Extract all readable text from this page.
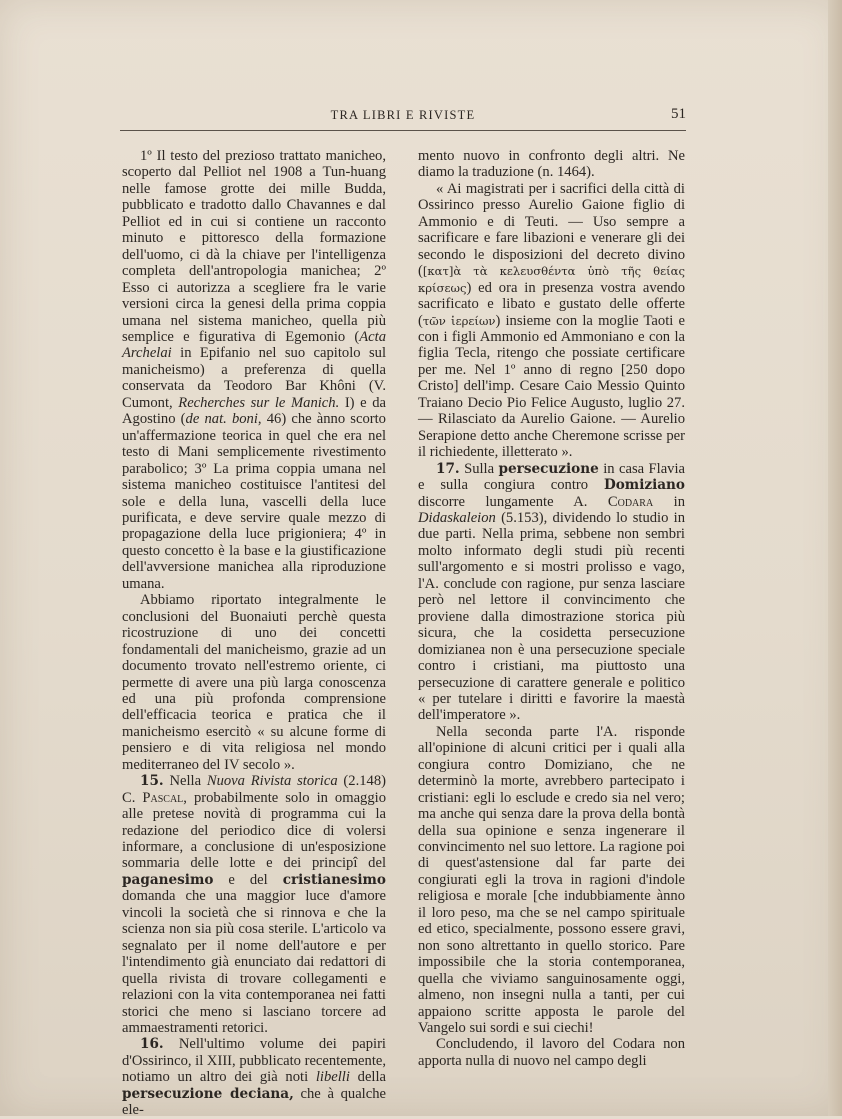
TRA LIBRI E RIVISTE	51

1º Il testo del prezioso trattato manicheo, scoperto dal Pelliot nel 1908 a Tun-huang nelle famose grotte dei mille Budda, pubblicato e tradotto dallo Chavannes e dal Pelliot ed in cui si contiene un racconto minuto e pittoresco della formazione dell'uomo, ci dà la chiave per l'intelligenza completa dell'antropologia manichea; 2º Esso ci autorizza a scegliere fra le varie versioni circa la genesi della prima coppia umana nel sistema manicheo, quella più semplice e figurativa di Egemonio (Acta Archelai in Epifanio nel suo capitolo sul manicheismo) a preferenza di quella conservata da Teodoro Bar Khôni (V. Cumont, Recherches sur le Manich. I) e da Agostino (de nat. boni, 46) che ànno scorto un'affermazione teorica in quel che era nel testo di Mani semplicemente rivestimento parabolico; 3º La prima coppia umana nel sistema manicheo costituisce l'antitesi del sole e della luna, vascelli della luce purificata, e deve servire quale mezzo di propagazione della luce prigioniera; 4º in questo concetto è la base e la giustificazione dell'avversione manichea alla riproduzione umana.

Abbiamo riportato integralmente le conclusioni del Buonaiuti perchè questa ricostruzione di uno dei concetti fondamentali del manicheismo, grazie ad un documento trovato nell'estremo oriente, ci permette di avere una più larga conoscenza ed una più profonda comprensione dell'efficacia teorica e pratica che il manicheismo esercitò « su alcune forme di pensiero e di vita religiosa nel mondo mediterraneo del IV secolo ».

15. Nella Nuova Rivista storica (2.148) C. Pascal, probabilmente solo in omaggio alle pretese novità di programma cui la redazione del periodico dice di volersi informare, a conclusione di un'esposizione sommaria delle lotte e dei principî del paganesimo e del cristianesimo domanda che una maggior luce d'amore vincoli la società che si rinnova e che la scienza non sia più cosa sterile. L'articolo va segnalato per il nome dell'autore e per l'intendimento già enunciato dai redattori di quella rivista di trovare collegamenti e relazioni con la vita contemporanea nei fatti storici che meno si lasciano torcere ad ammaestramenti retorici.

16. Nell'ultimo volume dei papiri d'Ossirinco, il XIII, pubblicato recentemente, notiamo un altro dei già noti libelli della persecuzione deciana, che à qualche ele-

mento nuovo in confronto degli altri. Ne diamo la traduzione (n. 1464).

« Ai magistrati per i sacrifici della città di Ossirinco presso Aurelio Gaione figlio di Ammonio e di Teuti. — Uso sempre a sacrificare e fare libazioni e venerare gli dei secondo le disposizioni del decreto divino ([κατ]ὰ τὰ κελευσθέντα ὑπὸ τῆς θείας κρίσεως) ed ora in presenza vostra avendo sacrificato e libato e gustato delle offerte (τῶν ἱερείων) insieme con la moglie Taoti e con i figli Ammonio ed Ammoniano e con la figlia Tecla, ritengo che possiate certificare per me. Nel 1º anno di regno [250 dopo Cristo] dell'imp. Cesare Caio Messio Quinto Traiano Decio Pio Felice Augusto, luglio 27. — Rilasciato da Aurelio Gaione. — Aurelio Serapione detto anche Cheremone scrisse per il richiedente, illetterato ».

17. Sulla persecuzione in casa Flavia e sulla congiura contro Domiziano discorre lungamente A. Codara in Didaskaleion (5.153), dividendo lo studio in due parti. Nella prima, sebbene non sembri molto informato degli studi più recenti sull'argomento e si mostri prolisso e vago, l'A. conclude con ragione, pur senza lasciare però nel lettore il convincimento che proviene dalla dimostrazione storica più sicura, che la cosidetta persecuzione domizianea non è una persecuzione speciale contro i cristiani, ma piuttosto una persecuzione di carattere generale e politico « per tutelare i diritti e favorire la maestà dell'imperatore ».

Nella seconda parte l'A. risponde all'opinione di alcuni critici per i quali alla congiura contro Domiziano, che ne determinò la morte, avrebbero partecipato i cristiani: egli lo esclude e credo sia nel vero; ma anche qui senza dare la prova della bontà della sua opinione e senza ingenerare il convincimento nel suo lettore. La ragione poi di quest'astensione dal far parte dei congiurati egli la trova in ragioni d'indole religiosa e morale [che indubbiamente ànno il loro peso, ma che se nel campo spirituale ed etico, specialmente, possono essere gravi, non sono altrettanto in quello storico. Pare impossibile che la storia contemporanea, quella che viviamo sanguinosamente oggi, almeno, non insegni nulla a tanti, per cui appaiono scritte apposta le parole del Vangelo sui sordi e sui ciechi!

Concludendo, il lavoro del Codara non apporta nulla di nuovo nel campo degli
